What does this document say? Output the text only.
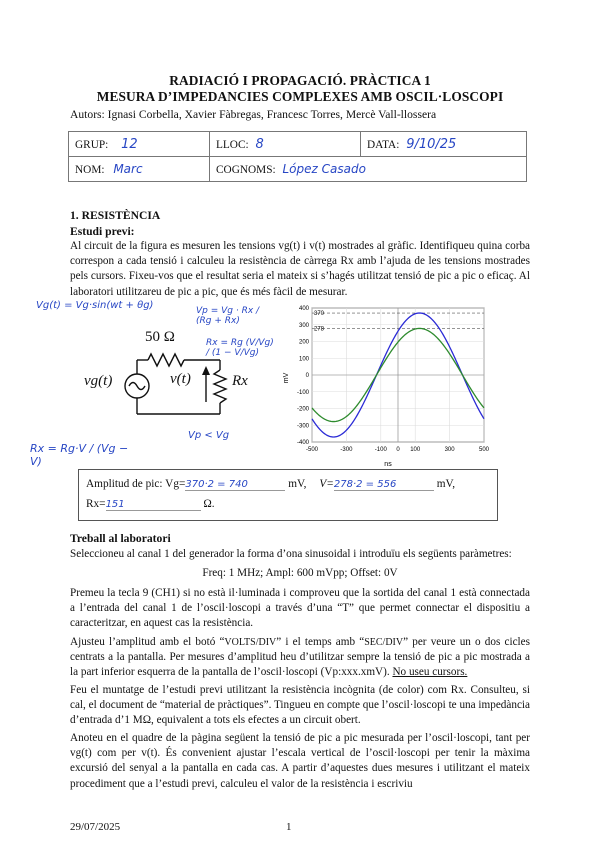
RADIACIÓ I PROPAGACIÓ. PRÀCTICA 1
MESURA D’IMPEDANCIES COMPLEXES AMB OSCIL·LOSCOPI
Autors: Ignasi Corbella, Xavier Fàbregas, Francesc Torres, Mercè Vall-llossera
GRUP: 12	LLOC: 8	DATA: 9/10/25
NOM: Marc	COGNOMS: López Casado	
1. RESISTÈNCIA
Estudi previ:
Al circuit de la figura es mesuren les tensions vg(t) i v(t) mostrades al gràfic. Identifiqueu quina corba correspon a cada tensió i calculeu la resistència de càrrega Rx amb l’ajuda de les tensions mostrades pels cursors. Fixeu-vos que el resultat seria el mateix si s’hagés utilitzat tensió de pic a pic o eficaç. Al laboratori utilitzareu de pic a pic, que és més fàcil de mesurar.
Vg(t) = Vg·sin(wt + θg)	Vp = Vg · Rx / (Rg + Rx)
Rx = Rg (V/Vg) / (1 − V/Vg)
Vp < Vg
Rx = Rg·V / (Vg − V)
50 Ω
vg(t)	v(t)	Rx
-400
-300
-200
-100
0
100
200
300
400
-500	-300	-100 0 100	300	500
370
278
ns
mV
Amplitud de pic: Vg=370·2 = 740	mV, V=278·2 = 556	mV,
Rx=151	Ω.
Treball al laboratori
Seleccioneu al canal 1 del generador la forma d’ona sinusoidal i introduïu els següents paràmetres:
Freq: 1 MHz; Ampl: 600 mVpp; Offset: 0V
Premeu la tecla 9 (CH1) si no està il·luminada i comproveu que la sortida del canal 1 està connectada a l’entrada del canal 1 de l’oscil·loscopi a través d’una “T” que permet connectar el dispositiu a caracteritzar, en aquest cas la resistència.
Ajusteu l’amplitud amb el botó “VOLTS/DIV” i el temps amb “SEC/DIV” per veure un o dos cicles centrats a la pantalla. Per mesures d’amplitud heu d’utilitzar sempre la tensió de pic a pic mostrada a la part inferior esquerra de la pantalla de l’oscil·loscopi (Vp:xxx.xmV). No useu cursors.
Feu el muntatge de l’estudi previ utilitzant la resistència incògnita (de color) com Rx. Consulteu, si cal, el document de “material de pràctiques”. Tingueu en compte que l’oscil·loscopi te una impedància d’entrada d’1 MΩ, equivalent a tots els efectes a un circuit obert.
Anoteu en el quadre de la pàgina següent la tensió de pic a pic mesurada per l’oscil·loscopi, tant per vg(t) com per v(t). És convenient ajustar l’escala vertical de l’oscil·loscopi per tenir la màxima excursió del senyal a la pantalla en cada cas. A partir d’aquestes dues mesures i utilitzant el mateix procediment que a l’estudi previ, calculeu el valor de la resistència i escriviu
29/07/2025	1
